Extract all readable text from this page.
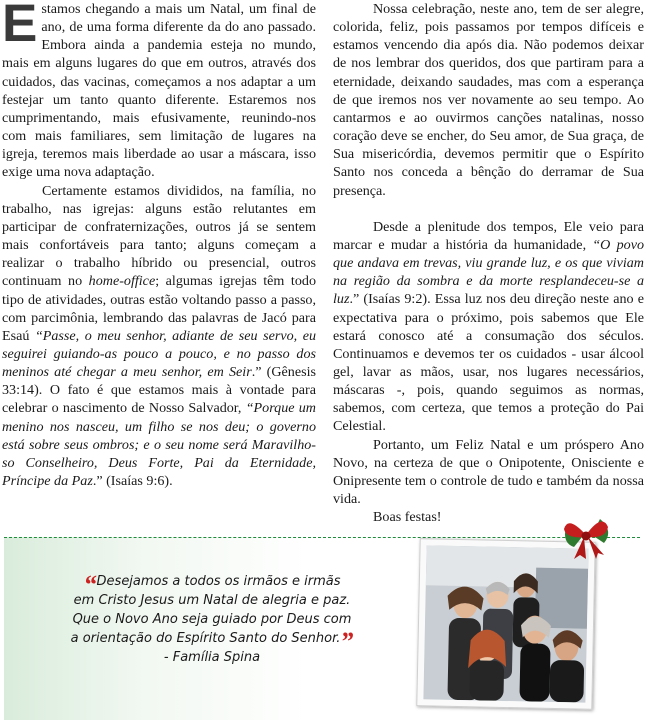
Estamos chegando a mais um Natal, um final de ano, de uma forma diferente da do ano passado. Embora ainda a pandemia esteja no mundo, mais em alguns lugares do que em outros, através dos cuidados, das vacinas, começamos a nos adaptar a um festejar um tanto quanto diferente. Estaremos nos cumprimentando, mais efusivamente, reunindo-nos com mais familiares, sem limitação de lugares na igreja, teremos mais liberdade ao usar a máscara, isso exige uma nova adaptação.

Certamente estamos divididos, na família, no trabalho, nas igrejas: alguns estão relutantes em participar de confraternizações, outros já se sentem mais confortáveis para tanto; alguns começam a realizar o trabalho híbrido ou presencial, outros continuam no home-office; algumas igrejas têm todo tipo de atividades, outras estão voltando passo a passo, com parcimônia, lembrando das palavras de Jacó para Esaú “Passe, o meu senhor, adiante de seu servo, eu seguirei guiando-as pouco a pouco, e no passo dos meninos até chegar a meu senhor, em Seir.” (Gênesis 33:14). O fato é que estamos mais à vontade para celebrar o nascimento de Nosso Salvador, “Porque um menino nos nasceu, um filho se nos deu; o governo está sobre seus ombros; e o seu nome será Maravilhoso Conselheiro, Deus Forte, Pai da Eternidade, Príncipe da Paz.” (Isaías 9:6).

Nossa celebração, neste ano, tem de ser alegre, colorida, feliz, pois passamos por tempos difíceis e estamos vencendo dia após dia. Não podemos deixar de nos lembrar dos queridos, dos que partiram para a eternidade, deixando saudades, mas com a esperança de que iremos nos ver novamente ao seu tempo. Ao cantarmos e ao ouvirmos canções natalinas, nosso coração deve se encher, do Seu amor, de Sua graça, de Sua misericórdia, devemos permitir que o Espírito Santo nos conceda a bênção do derramar de Sua presença.

Desde a plenitude dos tempos, Ele veio para marcar e mudar a história da humanidade, “O povo que andava em trevas, viu grande luz, e os que viviam na região da sombra e da morte resplandeceu-se a luz.” (Isaías 9:2). Essa luz nos deu direção neste ano e expectativa para o próximo, pois sabemos que Ele estará conosco até a consumação dos séculos. Continuamos e devemos ter os cuidados - usar álcool gel, lavar as mãos, usar, nos lugares necessários, máscaras -, pois, quando seguimos as normas, sabemos, com certeza, que temos a proteção do Pai Celestial.

Portanto, um Feliz Natal e um próspero Ano Novo, na certeza de que o Onipotente, Onisciente e Onipresente tem o controle de tudo e também da nossa vida.

Boas festas!

“Desejamos a todos os irmãos e irmãs
em Cristo Jesus um Natal de alegria e paz.
Que o Novo Ano seja guiado por Deus com
a orientação do Espírito Santo do Senhor.”
- Família Spina
